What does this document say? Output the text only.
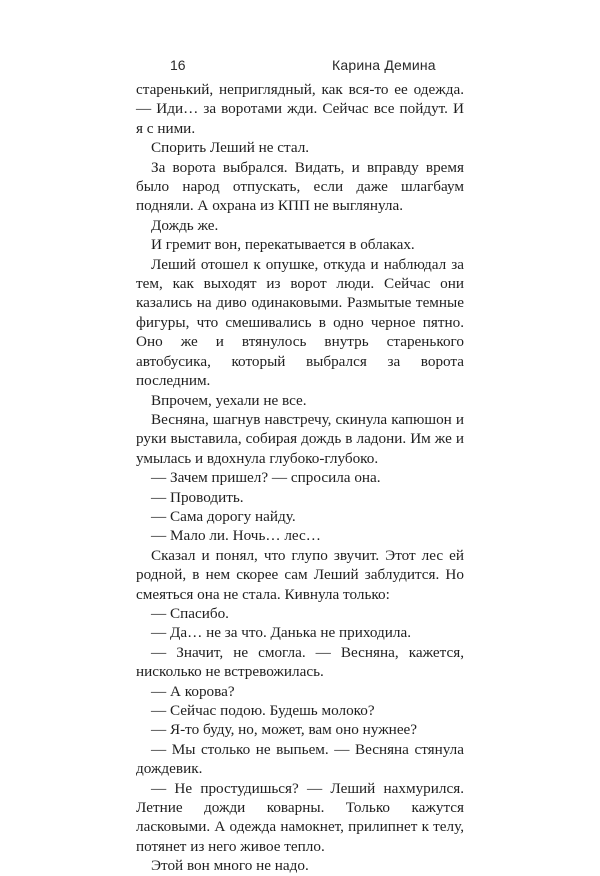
16	Карина Демина

старенький, неприглядный, как вся-то ее одежда. — Иди… за воротами жди. Сейчас все пойдут. И я с ними.

Спорить Леший не стал.

За ворота выбрался. Видать, и вправду время было народ отпускать, если даже шлагбаум подняли. А охрана из КПП не выглянула.

Дождь же.

И гремит вон, перекатывается в облаках.

Леший отошел к опушке, откуда и наблюдал за тем, как выходят из ворот люди. Сейчас они казались на диво одинаковыми. Размытые темные фигуры, что смешивались в одно черное пятно. Оно же и втянулось внутрь старенького автобусика, который выбрался за ворота последним.

Впрочем, уехали не все.

Весняна, шагнув навстречу, скинула капюшон и руки выставила, собирая дождь в ладони. Им же и умылась и вдохнула глубоко-глубоко.

— Зачем пришел? — спросила она.

— Проводить.

— Сама дорогу найду.

— Мало ли. Ночь… лес…

Сказал и понял, что глупо звучит. Этот лес ей родной, в нем скорее сам Леший заблудится. Но смеяться она не стала. Кивнула только:

— Спасибо.

— Да… не за что. Данька не приходила.

— Значит, не смогла. — Весняна, кажется, нисколько не встревожилась.

— А корова?

— Сейчас подою. Будешь молоко?

— Я-то буду, но, может, вам оно нужнее?

— Мы столько не выпьем. — Весняна стянула дождевик.

— Не простудишься? — Леший нахмурился. Летние дожди коварны. Только кажутся ласковыми. А одежда намокнет, прилипнет к телу, потянет из него живое тепло.

Этой вон много не надо.
